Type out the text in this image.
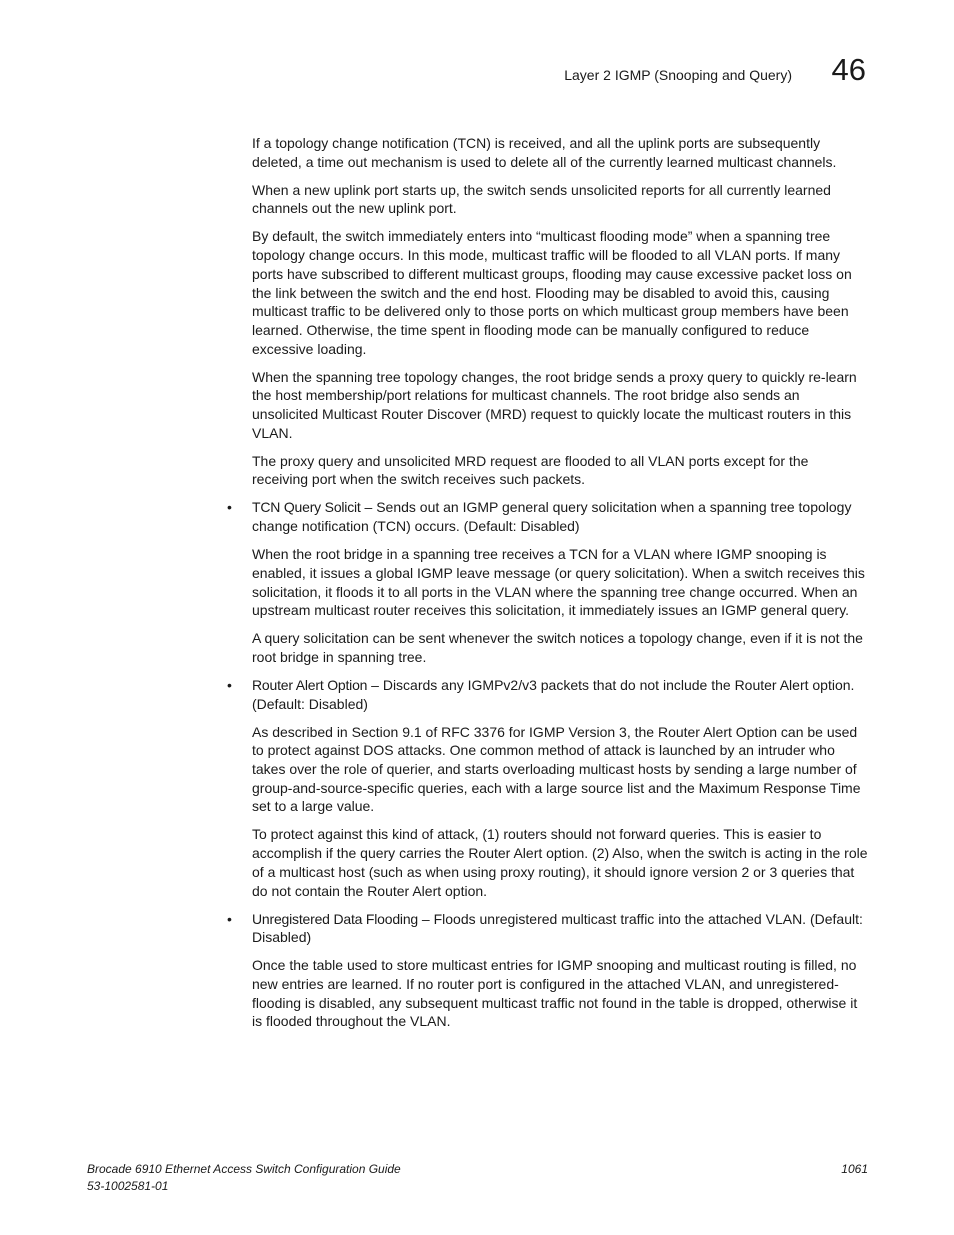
Layer 2 IGMP (Snooping and Query)	46

If a topology change notification (TCN) is received, and all the uplink ports are subsequently deleted, a time out mechanism is used to delete all of the currently learned multicast channels.

When a new uplink port starts up, the switch sends unsolicited reports for all currently learned channels out the new uplink port.

By default, the switch immediately enters into “multicast flooding mode” when a spanning tree topology change occurs. In this mode, multicast traffic will be flooded to all VLAN ports. If many ports have subscribed to different multicast groups, flooding may cause excessive packet loss on the link between the switch and the end host. Flooding may be disabled to avoid this, causing multicast traffic to be delivered only to those ports on which multicast group members have been learned. Otherwise, the time spent in flooding mode can be manually configured to reduce excessive loading.

When the spanning tree topology changes, the root bridge sends a proxy query to quickly re-learn the host membership/port relations for multicast channels. The root bridge also sends an unsolicited Multicast Router Discover (MRD) request to quickly locate the multicast routers in this VLAN.

The proxy query and unsolicited MRD request are flooded to all VLAN ports except for the receiving port when the switch receives such packets.

• TCN Query Solicit – Sends out an IGMP general query solicitation when a spanning tree topology change notification (TCN) occurs. (Default: Disabled)

When the root bridge in a spanning tree receives a TCN for a VLAN where IGMP snooping is enabled, it issues a global IGMP leave message (or query solicitation). When a switch receives this solicitation, it floods it to all ports in the VLAN where the spanning tree change occurred. When an upstream multicast router receives this solicitation, it immediately issues an IGMP general query.

A query solicitation can be sent whenever the switch notices a topology change, even if it is not the root bridge in spanning tree.

• Router Alert Option – Discards any IGMPv2/v3 packets that do not include the Router Alert option. (Default: Disabled)

As described in Section 9.1 of RFC 3376 for IGMP Version 3, the Router Alert Option can be used to protect against DOS attacks. One common method of attack is launched by an intruder who takes over the role of querier, and starts overloading multicast hosts by sending a large number of group-and-source-specific queries, each with a large source list and the Maximum Response Time set to a large value.

To protect against this kind of attack, (1) routers should not forward queries. This is easier to accomplish if the query carries the Router Alert option. (2) Also, when the switch is acting in the role of a multicast host (such as when using proxy routing), it should ignore version 2 or 3 queries that do not contain the Router Alert option.

• Unregistered Data Flooding – Floods unregistered multicast traffic into the attached VLAN. (Default: Disabled)

Once the table used to store multicast entries for IGMP snooping and multicast routing is filled, no new entries are learned. If no router port is configured in the attached VLAN, and unregistered-flooding is disabled, any subsequent multicast traffic not found in the table is dropped, otherwise it is flooded throughout the VLAN.

Brocade 6910 Ethernet Access Switch Configuration Guide
53-1002581-01
1061
